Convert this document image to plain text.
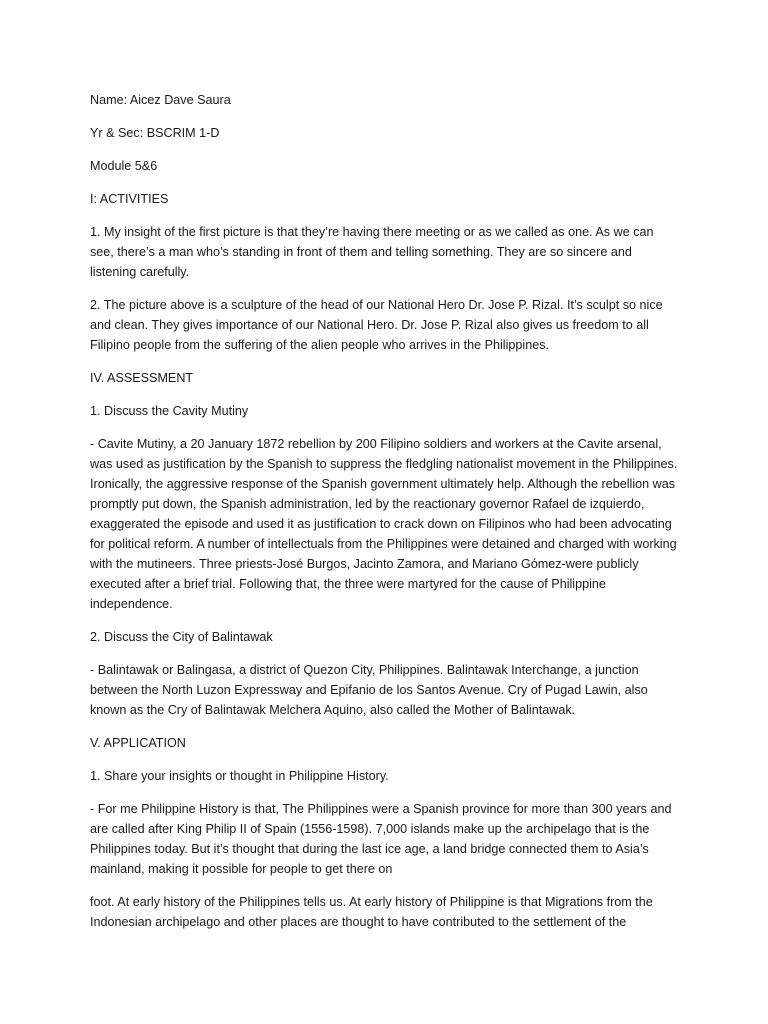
Name: Aicez Dave Saura

Yr & Sec: BSCRIM 1-D

Module 5&6

I: ACTIVITIES

1. My insight of the first picture is that they’re having there meeting or as we called as one. As we can see, there’s a man who’s standing in front of them and telling something. They are so sincere and listening carefully.

2. The picture above is a sculpture of the head of our National Hero Dr. Jose P. Rizal. It’s sculpt so nice and clean. They gives importance of our National Hero. Dr. Jose P. Rizal also gives us freedom to all Filipino people from the suffering of the alien people who arrives in the Philippines.

IV. ASSESSMENT

1. Discuss the Cavity Mutiny

- Cavite Mutiny, a 20 January 1872 rebellion by 200 Filipino soldiers and workers at the Cavite arsenal, was used as justification by the Spanish to suppress the fledgling nationalist movement in the Philippines. Ironically, the aggressive response of the Spanish government ultimately help. Although the rebellion was promptly put down, the Spanish administration, led by the reactionary governor Rafael de izquierdo, exaggerated the episode and used it as justification to crack down on Filipinos who had been advocating for political reform. A number of intellectuals from the Philippines were detained and charged with working with the mutineers. Three priests-José Burgos, Jacinto Zamora, and Mariano Gómez-were publicly executed after a brief trial. Following that, the three were martyred for the cause of Philippine independence.

2. Discuss the City of Balintawak

- Balintawak or Balingasa, a district of Quezon City, Philippines. Balintawak Interchange, a junction between the North Luzon Expressway and Epifanio de los Santos Avenue. Cry of Pugad Lawin, also known as the Cry of Balintawak Melchera Aquino, also called the Mother of Balintawak.

V. APPLICATION

1. Share your insights or thought in Philippine History.

- For me Philippine History is that, The Philippines were a Spanish province for more than 300 years and are called after King Philip II of Spain (1556-1598). 7,000 islands make up the archipelago that is the Philippines today. But it’s thought that during the last ice age, a land bridge connected them to Asia’s mainland, making it possible for people to get there on

foot. At early history of the Philippines tells us. At early history of Philippine is that Migrations from the Indonesian archipelago and other places are thought to have contributed to the settlement of the
